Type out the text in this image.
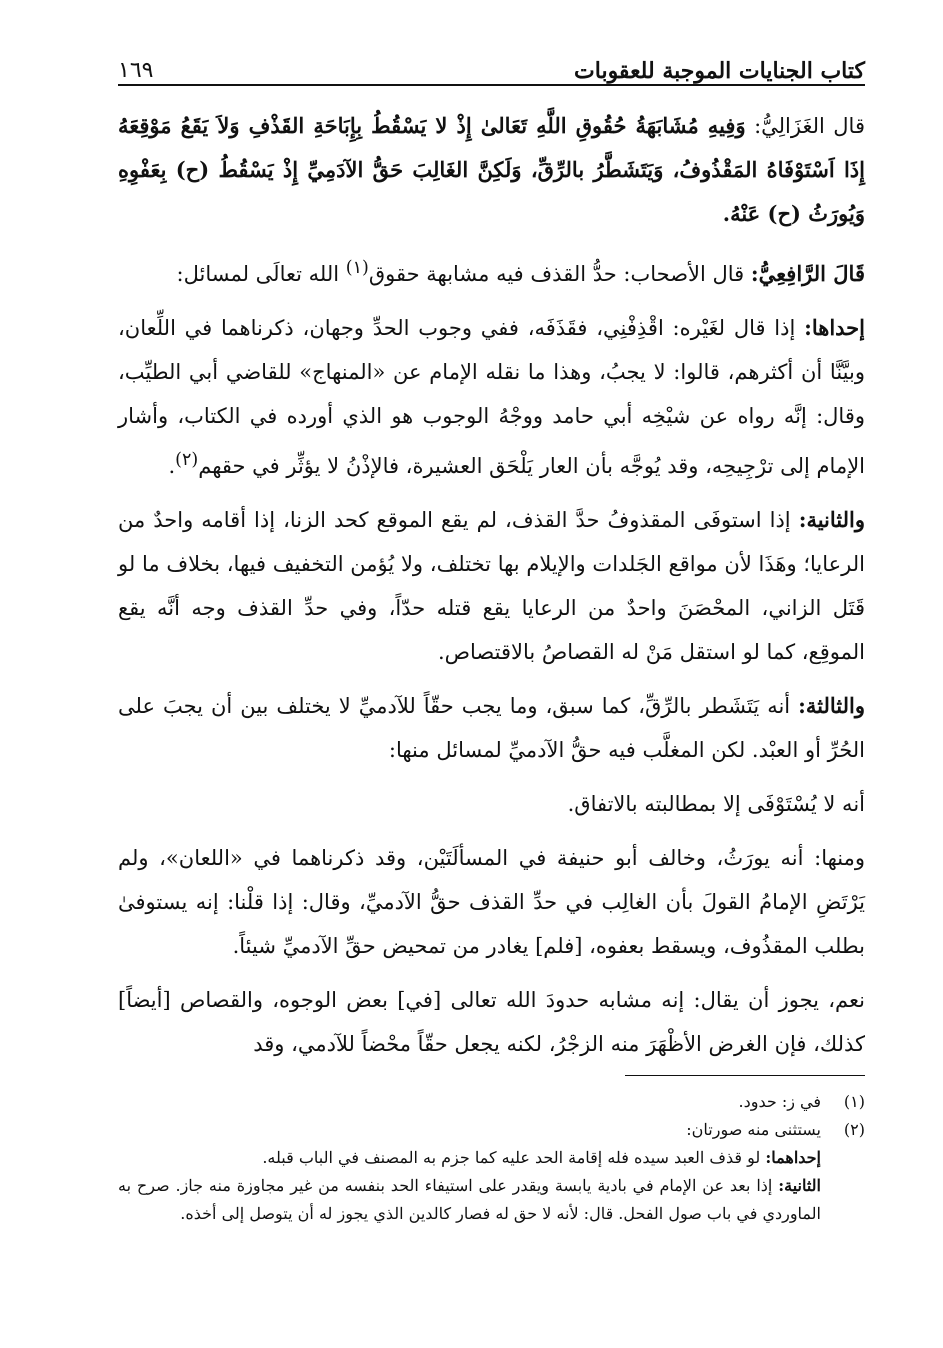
كتاب الجنايات الموجبة للعقوبات
١٦٩

قال الغَزَالِيُّ: وَفِيهِ مُشَابَهَةُ حُقُوقِ اللَّهِ تَعَالىٰ إِذْ لا يَسْقُطُ بِإِبَاحَةِ القَذْفِ وَلاَ يَقَعُ مَوْقِعَهُ إِذَا اَسْتَوْفَاهُ المَقْذُوفُ، وَيَتَشَطَّرُ بالرِّقِّ، وَلَكِنَّ الغَالِبَ حَقُّ الآدَمِيِّ إِذْ يَسْقُطُ (ح) بِعَفْوِهِ وَيُورَثُ (ح) عَنْهُ.

قَالَ الرَّافِعِيُّ: قال الأصحاب: حدُّ القذف فيه مشابهة حقوق$^{(١)}$ الله تعالَى لمسائل:

إحداها: إذا قال لغَيْره: اقْذِفْنِي، فقَذَفَه، ففي وجوب الحدِّ وجهان، ذكرناهما في اللِّعان، وبيَّنَّا أن أكثرهم، قالوا: لا يجبُ، وهذا ما نقله الإمام عن «المنهاج» للقاضي أبي الطيِّب، وقال: إنَّه رواه عن شيْخِه أبي حامد ووجْهُ الوجوب هو الذي أورده في الكتاب، وأشار الإمام إلى ترْجِيحِه، وقد يُوجَّه بأن العار يَلْحَق العشيرة، فالإذْنُ لا يؤثِّر في حقهم$^{(٢)}$.

والثانية: إذا استوفَى المقذوفُ حدَّ القذف، لم يقع الموقع كحد الزنا، إذا أقامه واحدٌ من الرعايا؛ وهَذَا لأن مواقع الجَلدات والإيلام بها تختلف، ولا يُؤمن التخفيف فيها، بخلاف ما لو قَتَل الزاني، المحْصَنَ واحدٌ من الرعايا يقع قتله حدّاً، وفي حدِّ القذف وجه أنَّه يقع الموقِع، كما لو استقل مَنْ له القصاصُ بالاقتصاص.

والثالثة: أنه يَتَشَطر بالرِّقِّ، كما سبق، وما يجب حقّاً للآدميِّ لا يختلف بين أن يجبَ على الحُرِّ أو العبْد. لكن المغلَّب فيه حقُّ الآدميِّ لمسائل منها:

أنه لا يُسْتَوْفَى إلا بمطالبته بالاتفاق.

ومنها: أنه يورَثُ، وخالف أبو حنيفة في المسألَتَيْن، وقد ذكرناهما في «اللعان»، ولم يَرْتَضِ الإمامُ القولَ بأن الغالِب في حدِّ القذف حقُّ الآدميِّ، وقال: إذا قلْنا: إنه يستوفىٰ بطلب المقذُوف، ويسقط بعفوه، [فلم] يغادر من تمحيض حقِّ الآدميِّ شيئاً.

نعم، يجوز أن يقال: إنه مشابه حدودَ الله تعالى [في] بعض الوجوه، والقصاص [أيضاً] كذلك، فإن الغرض الأظْهَرَ منه الزجْرُ، لكنه يجعل حقّاً محْضاً للآدمي، وقد

(١)
في ز: حدود.
(٢)
يستثنى منه صورتان:
إحداهما: لو قذف العبد سيده فله إقامة الحد عليه كما جزم به المصنف في الباب قبله.
الثانية: إذا بعد عن الإمام في بادية يابسة ويقدر على استيفاء الحد بنفسه من غير مجاوزة منه جاز. صرح به الماوردي في باب صول الفحل. قال: لأنه لا حق له فصار كالدين الذي يجوز له أن يتوصل إلى أخذه.
